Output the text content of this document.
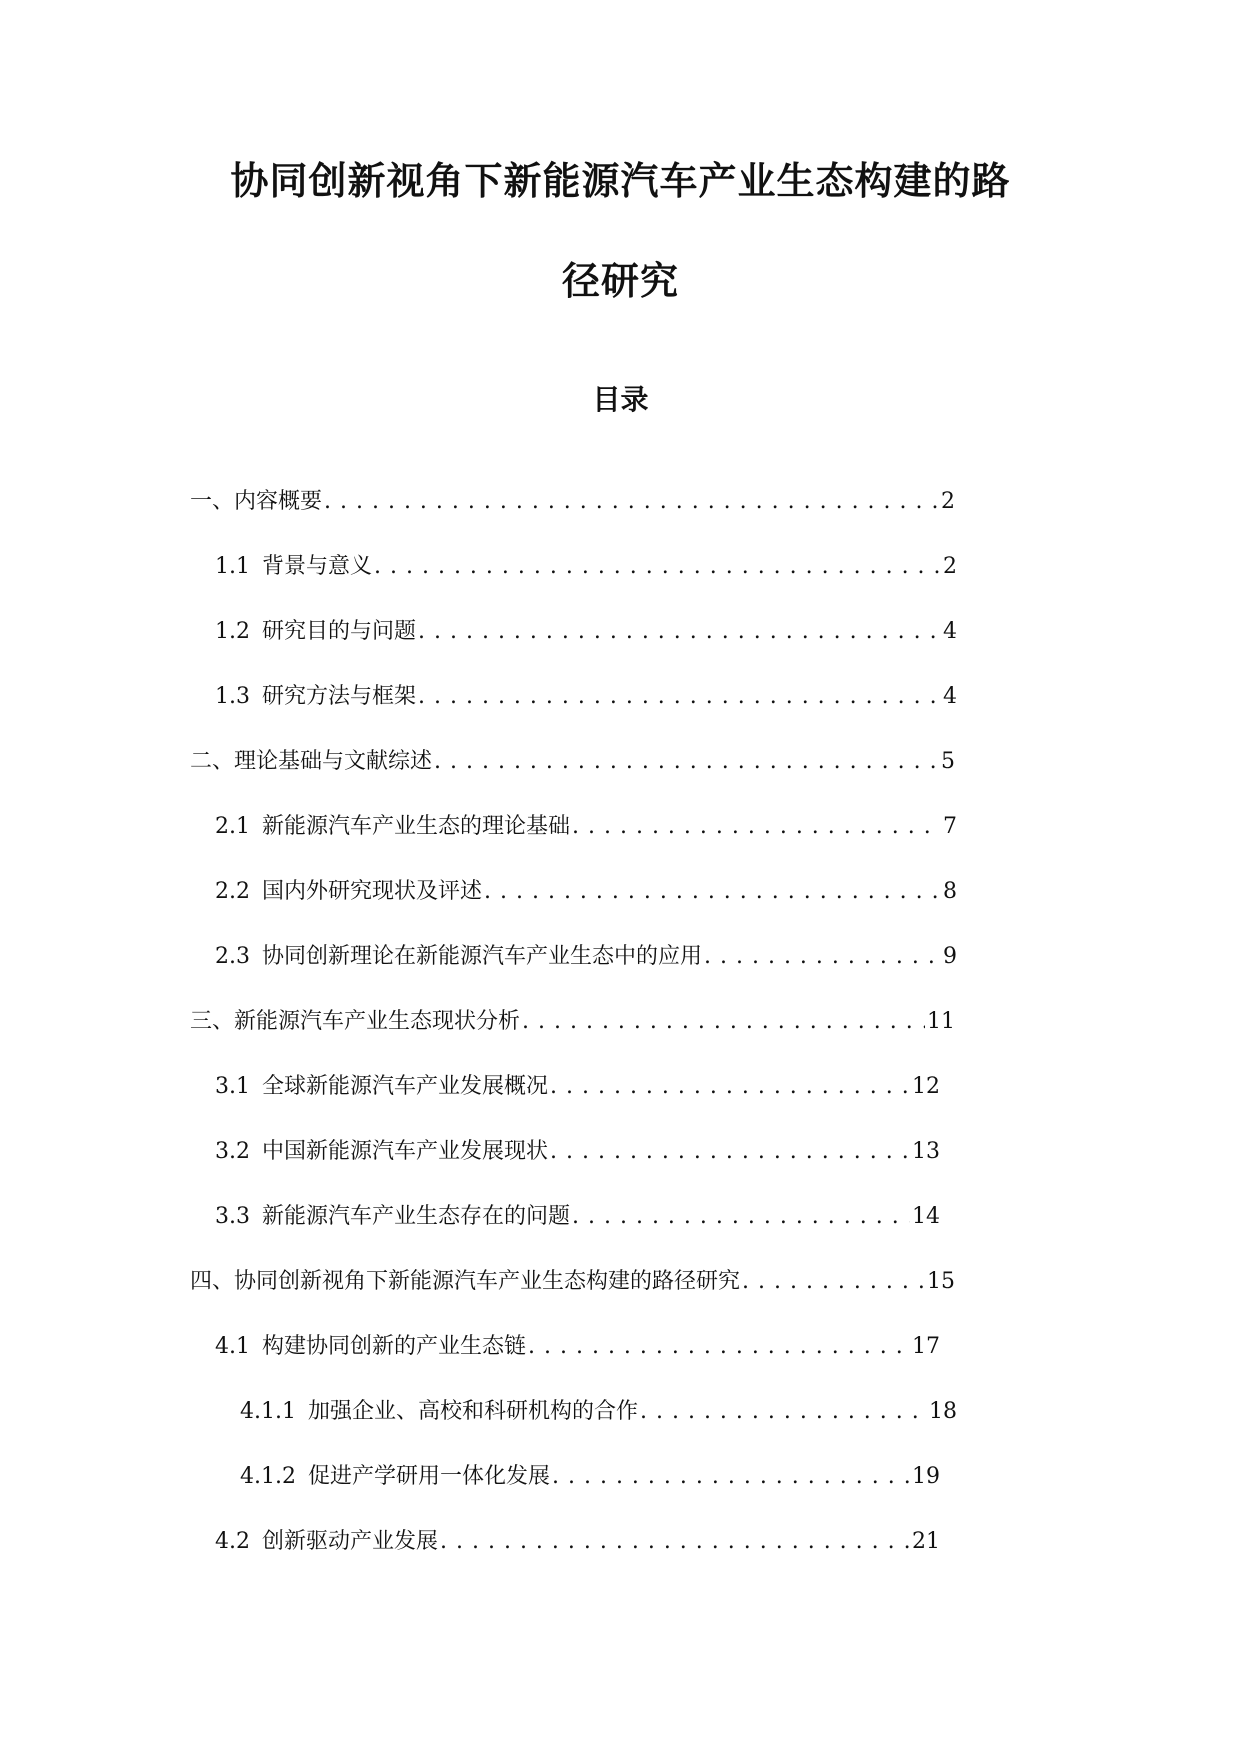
协同创新视角下新能源汽车产业生态构建的路
径研究
目录
一、内容概要 . . .	2
1.1 背景与意义 . . .	2
1.2 研究目的与问题 . . .	4
1.3 研究方法与框架 . . .	4
二、理论基础与文献综述 . . .	5
2.1 新能源汽车产业生态的理论基础 . . .	7
2.2 国内外研究现状及评述 . . .	8
2.3 协同创新理论在新能源汽车产业生态中的应用 . . .	9
三、新能源汽车产业生态现状分析 . . .	11
3.1 全球新能源汽车产业发展概况 . . .	12
3.2 中国新能源汽车产业发展现状 . . .	13
3.3 新能源汽车产业生态存在的问题 . . .	14
四、协同创新视角下新能源汽车产业生态构建的路径研究 . . .	15
4.1 构建协同创新的产业生态链 . . .	17
4.1.1 加强企业、高校和科研机构的合作 . . .	18
4.1.2 促进产学研用一体化发展 . . .	19
4.2 创新驱动产业发展 . . .	21
